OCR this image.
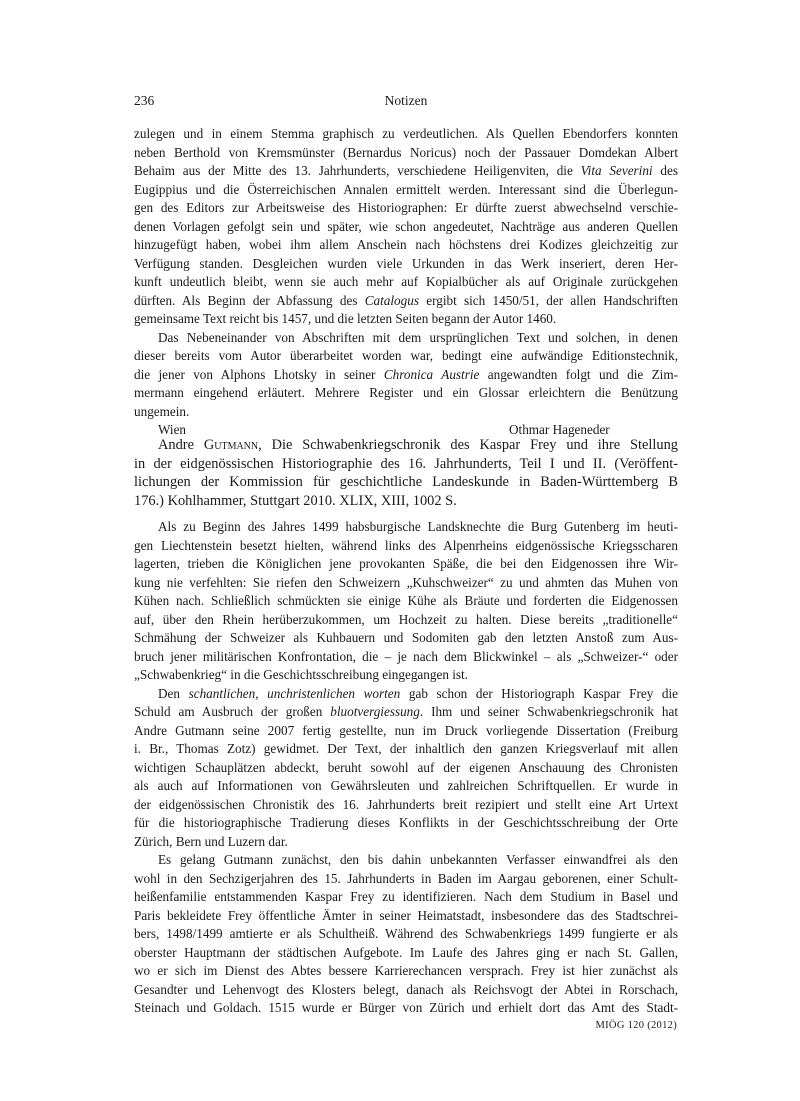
236	Notizen
zulegen und in einem Stemma graphisch zu verdeutlichen. Als Quellen Ebendorfers konnten
neben Berthold von Kremsmünster (Bernardus Noricus) noch der Passauer Domdekan Albert
Behaim aus der Mitte des 13. Jahrhunderts, verschiedene Heiligenviten, die Vita Severini des
Eugippius und die Österreichischen Annalen ermittelt werden. Interessant sind die Überlegun-
gen des Editors zur Arbeitsweise des Historiographen: Er dürfte zuerst abwechselnd verschie-
denen Vorlagen gefolgt sein und später, wie schon angedeutet, Nachträge aus anderen Quellen
hinzugefügt haben, wobei ihm allem Anschein nach höchstens drei Kodizes gleichzeitig zur
Verfügung standen. Desgleichen wurden viele Urkunden in das Werk inseriert, deren Her-
kunft undeutlich bleibt, wenn sie auch mehr auf Kopialbücher als auf Originale zurückgehen
dürften. Als Beginn der Abfassung des Catalogus ergibt sich 1450/51, der allen Handschriften
gemeinsame Text reicht bis 1457, und die letzten Seiten begann der Autor 1460.
Das Nebeneinander von Abschriften mit dem ursprünglichen Text und solchen, in denen
dieser bereits vom Autor überarbeitet worden war, bedingt eine aufwändige Editionstechnik,
die jener von Alphons Lhotsky in seiner Chronica Austrie angewandten folgt und die Zim-
mermann eingehend erläutert. Mehrere Register und ein Glossar erleichtern die Benützung
ungemein.
Wien	Othmar Hageneder
Andre Gutmann, Die Schwabenkriegschronik des Kaspar Frey und ihre Stellung
in der eidgenössischen Historiographie des 16. Jahrhunderts, Teil I und II. (Veröffent-
lichungen der Kommission für geschichtliche Landeskunde in Baden-Württemberg B
176.) Kohlhammer, Stuttgart 2010. XLIX, XIII, 1002 S.
Als zu Beginn des Jahres 1499 habsburgische Landsknechte die Burg Gutenberg im heuti-
gen Liechtenstein besetzt hielten, während links des Alpenrheins eidgenössische Kriegsscharen
lagerten, trieben die Königlichen jene provokanten Späße, die bei den Eidgenossen ihre Wir-
kung nie verfehlten: Sie riefen den Schweizern „Kuhschweizer“ zu und ahmten das Muhen von
Kühen nach. Schließlich schmückten sie einige Kühe als Bräute und forderten die Eidgenossen
auf, über den Rhein herüberzukommen, um Hochzeit zu halten. Diese bereits „traditionelle“
Schmähung der Schweizer als Kuhbauern und Sodomiten gab den letzten Anstoß zum Aus-
bruch jener militärischen Konfrontation, die – je nach dem Blickwinkel – als „Schweizer-“ oder
„Schwabenkrieg“ in die Geschichtsschreibung eingegangen ist.
Den schantlichen, unchristenlichen worten gab schon der Historiograph Kaspar Frey die
Schuld am Ausbruch der großen bluotvergiessung. Ihm und seiner Schwabenkriegschronik hat
Andre Gutmann seine 2007 fertig gestellte, nun im Druck vorliegende Dissertation (Freiburg
i. Br., Thomas Zotz) gewidmet. Der Text, der inhaltlich den ganzen Kriegsverlauf mit allen
wichtigen Schauplätzen abdeckt, beruht sowohl auf der eigenen Anschauung des Chronisten
als auch auf Informationen von Gewährsleuten und zahlreichen Schriftquellen. Er wurde in
der eidgenössischen Chronistik des 16. Jahrhunderts breit rezipiert und stellt eine Art Urtext
für die historiographische Tradierung dieses Konflikts in der Geschichtsschreibung der Orte
Zürich, Bern und Luzern dar.
Es gelang Gutmann zunächst, den bis dahin unbekannten Verfasser einwandfrei als den
wohl in den Sechzigerjahren des 15. Jahrhunderts in Baden im Aargau geborenen, einer Schult-
heißenfamilie entstammenden Kaspar Frey zu identifizieren. Nach dem Studium in Basel und
Paris bekleidete Frey öffentliche Ämter in seiner Heimatstadt, insbesondere das des Stadtschrei-
bers, 1498/1499 amtierte er als Schultheiß. Während des Schwabenkriegs 1499 fungierte er als
oberster Hauptmann der städtischen Aufgebote. Im Laufe des Jahres ging er nach St. Gallen,
wo er sich im Dienst des Abtes bessere Karrierechancen versprach. Frey ist hier zunächst als
Gesandter und Lehenvogt des Klosters belegt, danach als Reichsvogt der Abtei in Rorschach,
Steinach und Goldach. 1515 wurde er Bürger von Zürich und erhielt dort das Amt des Stadt-
MIÖG 120 (2012)
